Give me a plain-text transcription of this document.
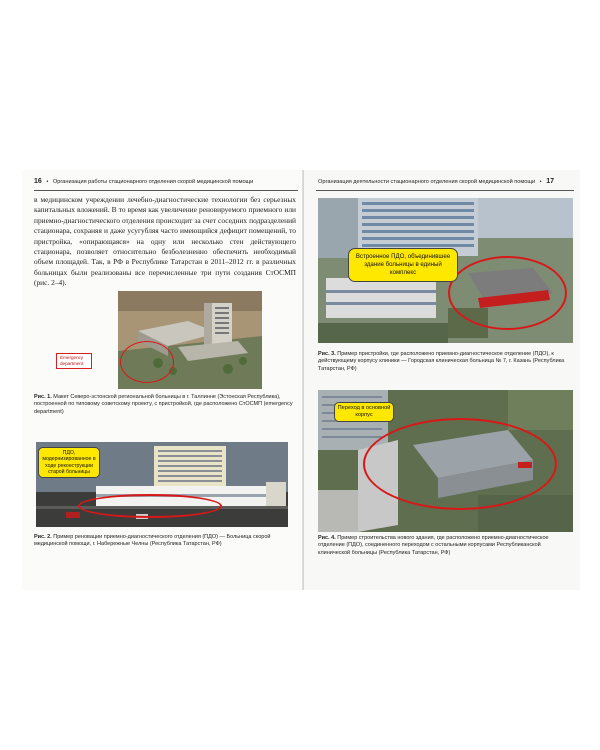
16 • Организация работы стационарного отделения скорой медицинской помощи

в медицинском учреждении лечебно-диагностические технологии без серьезных капитальных вложений. В то время как увеличение реновируемого приемного или приемно-диагностического отделения происходит за счет соседних подразделений стационара, сохраняя и даже усугубляя часто имеющийся дефицит помещений, то пристройка, «опирающаяся» на одну или несколько стен действующего стационара, позволяет относительно безболезненно обеспечить необходимый объем площадей. Так, в РФ в Республике Татарстан в 2011–2012 гг. в различных больницах были реализованы все перечисленные три пути создания СтОСМП (рис. 2–4).

Emergency department
Рис. 1. Макет Северо-эстонской региональной больницы в г. Таллинне (Эстонская Республика), построенной по типовому советскому проекту, с пристройкой, где расположено СтОСМП (emergency department)
ПДО, модернизированное в ходе реконструкции старой больницы
Рис. 2. Пример реновации приемно-диагностического отделения (ПДО) — Больница скорой медицинской помощи, г. Набережные Челны (Республика Татарстан, РФ)
Организация деятельности стационарного отделения скорой медицинской помощи • 17
Встроенное ПДО, объединившее здание больницы в единый комплекс
Рис. 3. Пример пристройки, где расположено приемно-диагностическое отделение (ПДО), к действующему корпусу клиники — Городская клиническая больница № 7, г. Казань (Республика Татарстан, РФ)
Переход в основной корпус
Рис. 4. Пример строительства нового здания, где расположено приемно-диагностическое отделение (ПДО), соединенного переходом с остальными корпусами Республиканской клинической больницы (Республика Татарстан, РФ)
